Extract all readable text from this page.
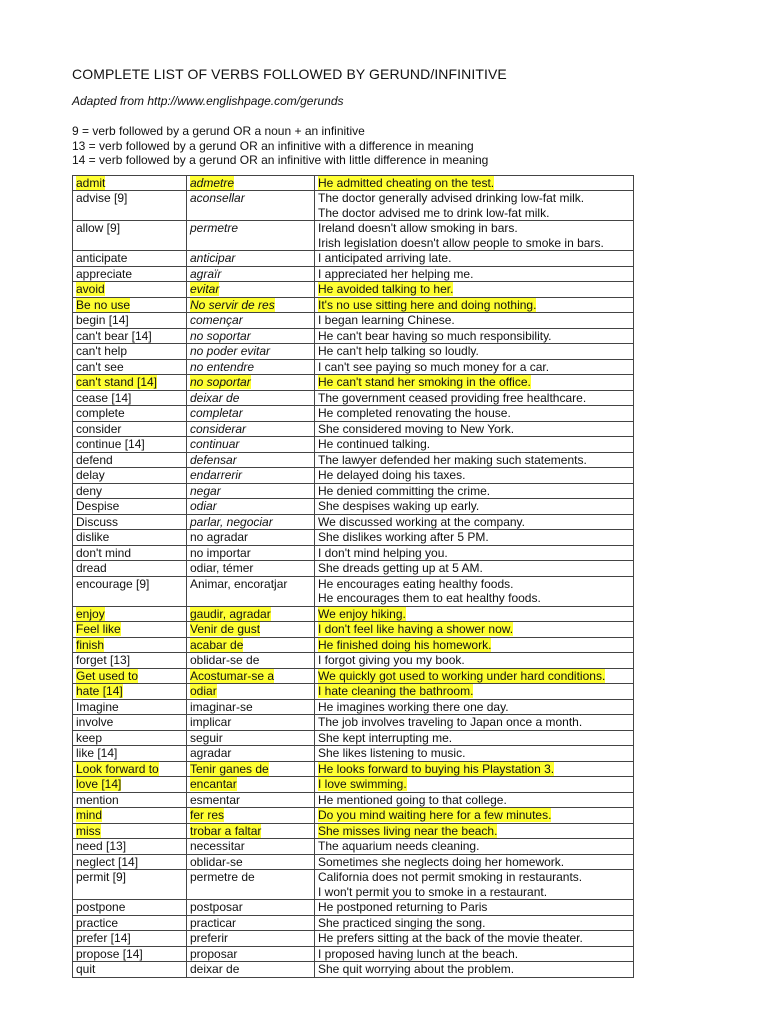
COMPLETE LIST OF VERBS FOLLOWED BY GERUND/INFINITIVE
Adapted from http://www.englishpage.com/gerunds
9 = verb followed by a gerund OR a noun + an infinitive
13 = verb followed by a gerund OR an infinitive with a difference in meaning
14 = verb followed by a gerund OR an infinitive with little difference in meaning
admit	admetre	He admitted cheating on the test.

advise [9]	aconsellar	The doctor generally advised drinking low-fat milk.
The doctor advised me to drink low-fat milk.

allow [9]	permetre	Ireland doesn't allow smoking in bars.
Irish legislation doesn't allow people to smoke in bars.

anticipate	anticipar	I anticipated arriving late.

appreciate	agraïr	I appreciated her helping me.

avoid	evitar	He avoided talking to her.

Be no use	No servir de res	It's no use sitting here and doing nothing.

begin [14]	començar	I began learning Chinese.

can't bear [14]	no soportar	He can't bear having so much responsibility.

can't help	no poder evitar	He can't help talking so loudly.

can't see	no entendre	I can't see paying so much money for a car.

can't stand [14]	no soportar	He can't stand her smoking in the office.

cease [14]	deixar de	The government ceased providing free healthcare.

complete	completar	He completed renovating the house.

consider	considerar	She considered moving to New York.

continue [14]	continuar	He continued talking.

defend	defensar	The lawyer defended her making such statements.

delay	endarrerir	He delayed doing his taxes.

deny	negar	He denied committing the crime.

Despise	odiar	She despises waking up early.

Discuss	parlar, negociar	We discussed working at the company.

dislike	no agradar	She dislikes working after 5 PM.

don't mind	no importar	I don't mind helping you.

dread	odiar, témer	She dreads getting up at 5 AM.

encourage [9]	Animar, encoratjar	He encourages eating healthy foods.
He encourages them to eat healthy foods.

enjoy	gaudir, agradar	We enjoy hiking.

Feel like	Venir de gust	I don't feel like having a shower now.

finish	acabar de	He finished doing his homework.

forget [13]	oblidar-se de	I forgot giving you my book.

Get used to	Acostumar-se a	We quickly got used to working under hard conditions.

hate [14]	odiar	I hate cleaning the bathroom.

Imagine	imaginar-se	He imagines working there one day.

involve	implicar	The job involves traveling to Japan once a month.

keep	seguir	She kept interrupting me.

like [14]	agradar	She likes listening to music.

Look forward to	Tenir ganes de	He looks forward to buying his Playstation 3.

love [14]	encantar	I love swimming.

mention	esmentar	He mentioned going to that college.

mind	fer res	Do you mind waiting here for a few minutes.

miss	trobar a faltar	She misses living near the beach.

need [13]	necessitar	The aquarium needs cleaning.

neglect [14]	oblidar-se	Sometimes she neglects doing her homework.

permit [9]	permetre de	California does not permit smoking in restaurants.
I won't permit you to smoke in a restaurant.

postpone	postposar	He postponed returning to Paris

practice	practicar	She practiced singing the song.

prefer [14]	preferir	He prefers sitting at the back of the movie theater.

propose [14]	proposar	I proposed having lunch at the beach.

quit	deixar de	She quit worrying about the problem.
